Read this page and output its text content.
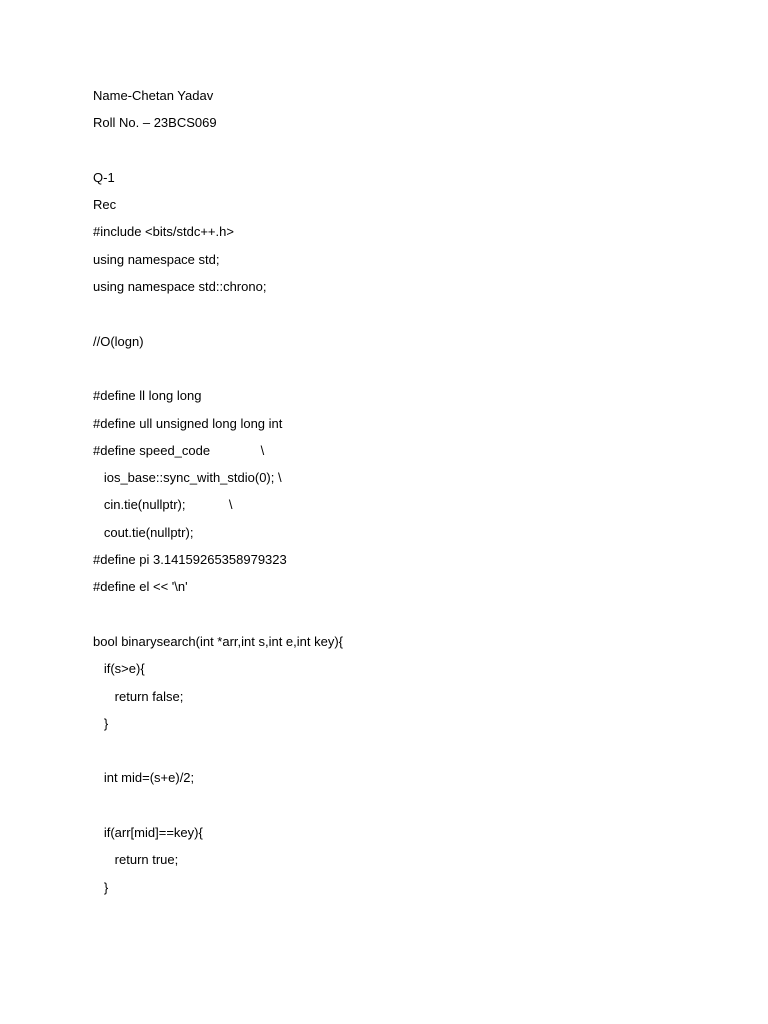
Name-Chetan Yadav
Roll No. – 23BCS069
Q-1
Rec
#include <bits/stdc++.h>
using namespace std;
using namespace std::chrono;
//O(logn)
#define ll long long
#define ull unsigned long long int
#define speed_code              \
ios_base::sync_with_stdio(0); \
cin.tie(nullptr);            \
cout.tie(nullptr);
#define pi 3.14159265358979323
#define el << '\n'
bool binarysearch(int *arr,int s,int e,int key){
if(s>e){
return false;
}
int mid=(s+e)/2;
if(arr[mid]==key){
return true;
}
